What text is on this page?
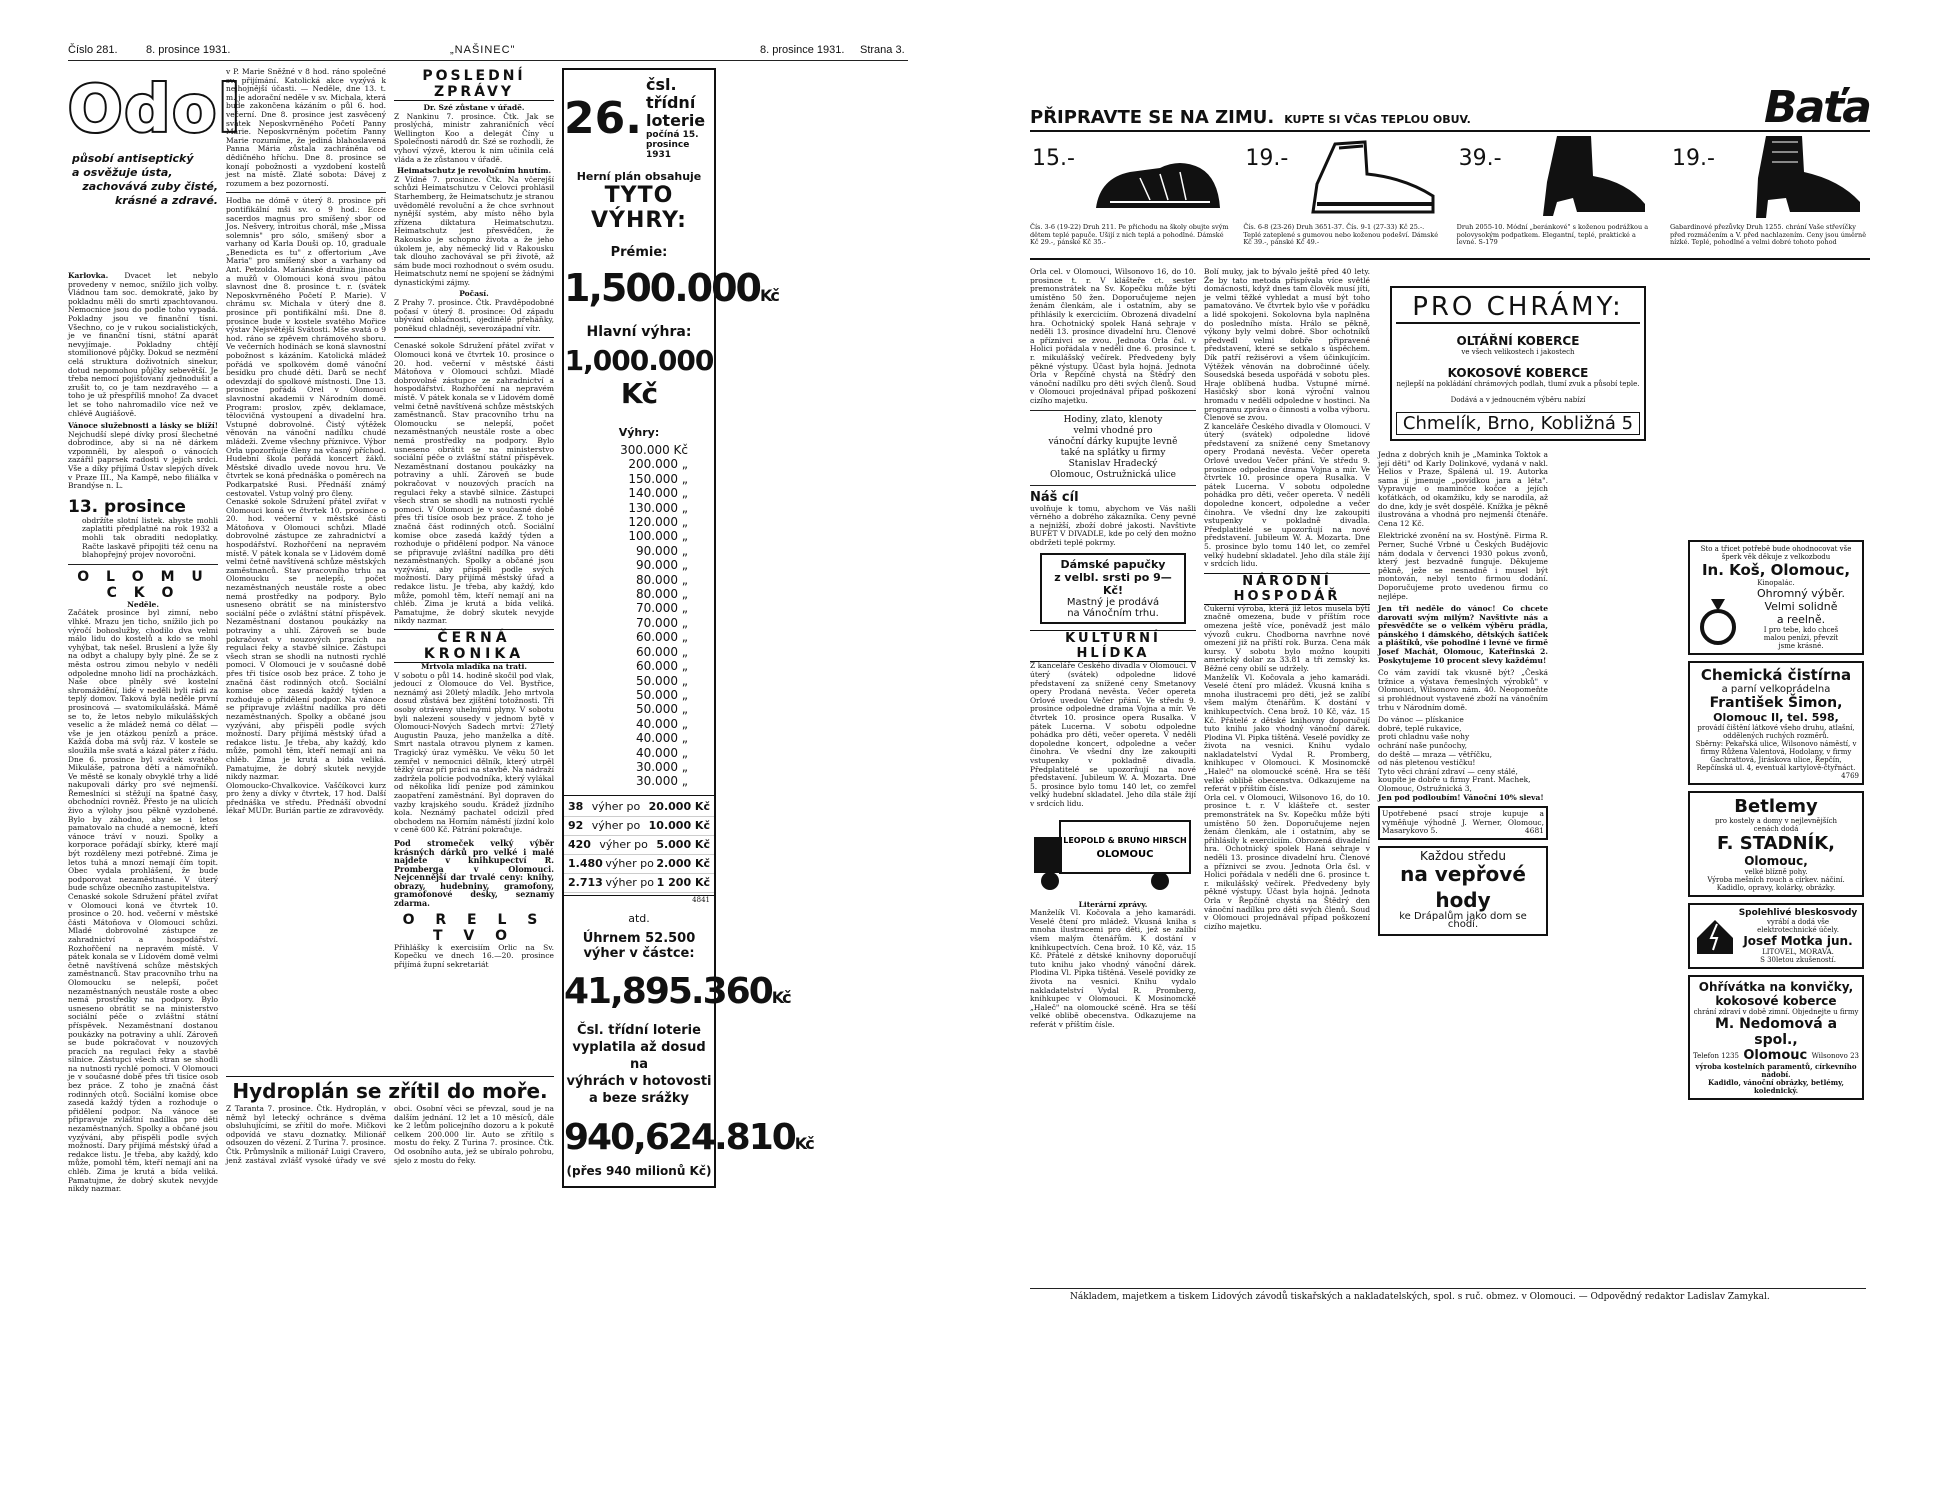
Číslo 281.	8. prosince 1931.	„NAŠINEC"	8. prosince 1931. Strana 3.
Odol
působí antiseptický
a osvěžuje ústa,
zachovává zuby čisté,
krásné a zdravé.
Karlovka. Dvacet let nebylo provedeny v nemoc, snížilo jich volby. Vládnou tam soc. demokraté, jako by pokladnu měli do smrti zpachtovanou. Nemocnice jsou do podle toho vypadá. Pokladny jsou ve finanční tísni. Všechno, co je v rukou socialistických, je ve finanční tísni, státní aparát nevyjímaje. Pokladny chtějí stomilionové půjčky. Dokud se nezmění celá struktura doživotních sinekur, dotud nepomohou půjčky sebevětší. Je třeba nemocí pojištovaní zjednodušit a zrušit to, co je tam nezdravého — a toho je už přespříliš mnoho! Za dvacet let se toho nahromadilo více než ve chlévě Augiášově.
Vánoce služebnosti a lásky se blíží! Nejchudší slepé dívky prosí šlechetné dobrodince, aby si na ně dárkem vzpomněli, by alespoň o vánocích zazářil paprsek radosti v jejich srdci. Vše a díky přijímá Ústav slepých dívek v Praze III., Na Kampě, nebo filiálka v Brandýse n. L.
13. prosince
obdržíte slotní listek. abyste mohli zaplatiti předplatné na rok 1932 a mohli tak obraditi nedoplatky. Račte laskavě připojiti též cenu na blahopřejný projev novoročni.
O L O M U C K O
Neděle.
Začátek prosince byl zimní, nebo vlhké. Mrazu jen ticho, snížilo jich po výročí bohoslužby, chodilo dva velmi málo lidu do kostelů a kdo se mohl vyhýbat, tak nešel. Bruslení a lyže šly na odbyt a chalupy byly plné. Že se z města ostrou zimou nebylo v neděli odpoledne mnoho lidí na procházkách. Naše obce plněly své kostelní shromáždění, lidé v neděli byli rádi za teplý domov. Taková byla neděle první prosincová — svatomikulášská. Mámě se to, že letos nebylo mikulášských veselic a že mládež nemá co dělat — vše je jen otázkou penízů a práce. Každá doba má svůj ráz. V kostele se sloužila mše svatá a kázal páter z řádu. Dne 6. prosince byl svátek svatého Mikuláše, patrona dětí a námořníků. Ve městě se konaly obvyklé trhy a lidé nakupovali dárky pro své nejmenší. Řemeslníci si stěžují na špatné časy, obchodníci rovněž. Přesto je na ulicích živo a výlohy jsou pěkně vyzdobené. Bylo by záhodno, aby se i letos pamatovalo na chudé a nemocné, kteří vánoce tráví v nouzi. Spolky a korporace pořádají sbírky, které mají být rozděleny mezi potřebné. Zima je letos tuhá a mnozí nemají čím topit. Obec vydala prohlášení, že bude podporovat nezaměstnané. V úterý bude schůze obecního zastupitelstva.
Cenaské sokole Sdružení přátel zvířat v Olomouci koná ve čtvrtek 10. prosince o 20. hod. večerní v městské části Mátoňova v Olomouci schůzi. Mladé dobrovolné zástupce ze zahradnictví a hospodářství. Rozhořčení na nepravém místě. V pátek konala se v Lidovém domě velmi četně navštívená schůze městských zaměstnanců. Stav pracovního trhu na Olomoucku se nelepší, počet nezaměstnaných neustále roste a obec nemá prostředky na podpory. Bylo usneseno obrátit se na ministerstvo sociální péče o zvláštní státní příspěvek. Nezaměstnaní dostanou poukázky na potraviny a uhlí. Zároveň se bude pokračovat v nouzových pracích na regulaci řeky a stavbě silnice. Zástupci všech stran se shodli na nutnosti rychlé pomoci. V Olomouci je v současné době přes tři tisíce osob bez práce. Z toho je značná část rodinných otců. Sociální komise obce zasedá každý týden a rozhoduje o přidělení podpor. Na vánoce se připravuje zvláštní nadílka pro děti nezaměstnaných. Spolky a občané jsou vyzýváni, aby přispěli podle svých možností. Dary přijímá městský úřad a redakce listu. Je třeba, aby každý, kdo může, pomohl těm, kteří nemají ani na chléb. Zima je krutá a bída veliká. Pamatujme, že dobrý skutek nevyjde nikdy nazmar.
v P. Marie Sněžné v 8 hod. ráno společné sv. přijímání. Katolická akce vyzývá k nejhojnější účasti. — Neděle, dne 13. t. m. je adorační neděle v sv. Michala, která bude zakončena kázáním o půl 6. hod. večerní. Dne 8. prosince jest zasvěcený svátek Neposkvrněného Početí Panny Marie. Neposkvrněným početím Panny Marie rozumíme, že jediná blahoslavená Panna Mária zůstala zachráněna od dědičného hříchu. Dne 8. prosince se konají pobožnosti a vyzdobení kostelů jest na místě. Zlaté sobota: Dávej z rozumem a bez pozorností.
Hodba ne dómě v úterý 8. prosince při pontifikální mši sv. o 9 hod.: Ecce sacerdos magnus pro smíšený sbor od Jos. Nešvery, introitus chorál, mše „Missa solemnis" pro sólo, smíšený sbor a varhany od Karla Douši op. 10, graduale „Benedicta es tu" z offertorium „Ave Maria" pro smíšený sbor a varhany od Ant. Petzolda. Mariánské družina jinocha a mužů v Olomouci koná svou pátou slavnost dne 8. prosince t. r. (svátek Neposkvrněného Početí P. Marie). V chrámu sv. Michala v úterý dne 8. prosince při pontifikální mši. Dne 8. prosince bude v kostele svatého Mořice výstav Nejsvětější Svátosti. Mše svatá o 9 hod. ráno se zpěvem chrámového sboru. Ve večerních hodinách se koná slavnostní pobožnost s kázáním. Katolická mládež pořádá ve spolkovém domě vánoční besídku pro chudé děti. Darů se nechť odevzdají do spolkové místnosti. Dne 13. prosince pořádá Orel v Olomouci slavnostní akademii v Národním domě. Program: proslov, zpěv, deklamace, tělocvičná vystoupení a divadelní hra. Vstupné dobrovolné. Čistý výtěžek věnován na vánoční nadílku chudé mládeži. Zveme všechny příznivce. Výbor Orla upozorňuje členy na včasný příchod. Hudební škola pořádá koncert žáků. Městské divadlo uvede novou hru. Ve čtvrtek se koná přednáška o poměrech na Podkarpatské Rusi. Přednáší známý cestovatel. Vstup volný pro členy.
Cenaské sokole Sdružení přátel zvířat v Olomouci koná ve čtvrtek 10. prosince o 20. hod. večerní v městské části Mátoňova v Olomouci schůzi. Mladé dobrovolné zástupce ze zahradnictví a hospodářství. Rozhořčení na nepravém místě. V pátek konala se v Lidovém domě velmi četně navštívená schůze městských zaměstnanců. Stav pracovního trhu na Olomoucku se nelepší, počet nezaměstnaných neustále roste a obec nemá prostředky na podpory. Bylo usneseno obrátit se na ministerstvo sociální péče o zvláštní státní příspěvek. Nezaměstnaní dostanou poukázky na potraviny a uhlí. Zároveň se bude pokračovat v nouzových pracích na regulaci řeky a stavbě silnice. Zástupci všech stran se shodli na nutnosti rychlé pomoci. V Olomouci je v současné době přes tři tisíce osob bez práce. Z toho je značná část rodinných otců. Sociální komise obce zasedá každý týden a rozhoduje o přidělení podpor. Na vánoce se připravuje zvláštní nadílka pro děti nezaměstnaných. Spolky a občané jsou vyzýváni, aby přispěli podle svých možností. Dary přijímá městský úřad a redakce listu. Je třeba, aby každý, kdo může, pomohl těm, kteří nemají ani na chléb. Zima je krutá a bída veliká. Pamatujme, že dobrý skutek nevyjde nikdy nazmar.
Olomoucko-Chvalkovice. Vaščíkovci kurz pro ženy a dívky v čtvrtek, 17 hod. Další přednáška ve středu. Přednáší obvodní lékař MUDr. Burián partie ze zdravovědy.
POSLEDNÍ ZPRÁVY
Dr. Szé zůstane v úřadě.
Z Nankinu 7. prosince. Čtk. Jak se proslýchá, ministr zahraničních věcí Wellington Koo a delegát Číny u Společnosti národů dr. Szé se rozhodli, že vyhoví výzvě, kterou k nim učinila celá vláda a že zůstanou v úřadě.
Heimatschutz je revolučním hnutím.
Z Vídně 7. prosince. Čtk. Na včerejší schůzi Heimatschutzu v Celovci prohlásil Starhemberg, že Heimatschutz je stranou uvědomělé revoluční a že chce svrhnout nynější systém, aby místo něho byla zřízena diktatura Heimatschutzu. Heimatschutz jest přesvědčen, že Rakousko je schopno života a že jeho úkolem je, aby německý lid v Rakousku tak dlouho zachovával se při životě, až sám bude moci rozhodnout o svém osudu. Heimatschutz nemí ne spojení se žádnými dynastickými zájmy.
Počasí.
Z Prahy 7. prosince. Čtk. Pravděpodobné počasí v úterý 8. prosince: Od západu ubývání oblačnosti, ojedinělé přeháňky, poněkud chladněji, severozápadní vítr.
Cenaské sokole Sdružení přátel zvířat v Olomouci koná ve čtvrtek 10. prosince o 20. hod. večerní v městské části Mátoňova v Olomouci schůzi. Mladé dobrovolné zástupce ze zahradnictví a hospodářství. Rozhořčení na nepravém místě. V pátek konala se v Lidovém domě velmi četně navštívená schůze městských zaměstnanců. Stav pracovního trhu na Olomoucku se nelepší, počet nezaměstnaných neustále roste a obec nemá prostředky na podpory. Bylo usneseno obrátit se na ministerstvo sociální péče o zvláštní státní příspěvek. Nezaměstnaní dostanou poukázky na potraviny a uhlí. Zároveň se bude pokračovat v nouzových pracích na regulaci řeky a stavbě silnice. Zástupci všech stran se shodli na nutnosti rychlé pomoci. V Olomouci je v současné době přes tři tisíce osob bez práce. Z toho je značná část rodinných otců. Sociální komise obce zasedá každý týden a rozhoduje o přidělení podpor. Na vánoce se připravuje zvláštní nadílka pro děti nezaměstnaných. Spolky a občané jsou vyzýváni, aby přispěli podle svých možností. Dary přijímá městský úřad a redakce listu. Je třeba, aby každý, kdo může, pomohl těm, kteří nemají ani na chléb. Zima je krutá a bída veliká. Pamatujme, že dobrý skutek nevyjde nikdy nazmar.
ČERNÁ KRONIKA
Mrtvola mladíka na trati.
V sobotu o půl 14. hodině skočil pod vlak, jedoucí z Olomouce do Vel. Bystřice, neznámý asi 20letý mladík. Jeho mrtvola dosud zůstává bez zjištění totožnosti. Tři osoby otráveny uhelnými plyny. V sobotu byli nalezeni sousedy v jednom bytě v Olomouci-Nových Sadech mrtví: 27letý Augustin Pauza, jeho manželka a dítě. Smrt nastala otravou plynem z kamen. Tragický úraz vyměšku. Ve věku 50 let zemřel v nemocnici dělník, který utrpěl těžký úraz při práci na stavbě. Na nádraží zadržela policie podvodníka, který vylákal od několika lidí peníze pod záminkou zaopatření zaměstnání. Byl dopraven do vazby krajského soudu. Krádež jízdního kola. Neznámý pachatel odcizil před obchodem na Horním náměstí jízdní kolo v ceně 600 Kč. Pátrání pokračuje.
Pod stromeček velký výběr krásných dárků pro velké i malé najdete v knihkupectví R. Promberga v Olomouci. Nejcennější dar trvalé ceny: knihy, obrazy, hudebniny, gramofony, gramofonové desky, seznamy zdarma.
O R E L S T V O
Přihlášky k exercisiím Orlic na Sv. Kopečku ve dnech 16.—20. prosince přijímá župní sekretariát
Hydroplán se zřítil do moře.
Z Taranta 7. prosince. Čtk. Hydroplán, v němž byl letecký ochránce s dvěma obsluhujícími, se zřítil do moře. Mičkovi odpovídá ve stavu doznatky. Milionář odsouzen do vězení. Z Turina 7. prosince. Čtk. Průmyslník a milionář Luigi Cravero, jenž zastával zvlášť vysoké úřady ve své obci. Osobní věci se převzal, soud je na dalším jednání. 12 let a 10 měsíců, dále ke 2 letům policejního dozoru a k pokutě celkem 200.000 lir. Auto se zřítilo s mostu do řeky. Z Turina 7. prosince. Čtk. Od osobního auta, jež se ubíralo pohrobu, sjelo z mostu do řeky.
26.
čsl. třídní loterie
počíná 15. prosince 1931
Herní plán obsahuje
TYTO VÝHRY:
Prémie:
1,500.000Kč
Hlavní výhra:
1,000.000 Kč
Výhry:
300.000 Kč
200.000 „
150.000 „
140.000 „
130.000 „
120.000 „
100.000 „
90.000 „
90.000 „
80.000 „
80.000 „
70.000 „
70.000 „
60.000 „
60.000 „
60.000 „
50.000 „
50.000 „
50.000 „
40.000 „
40.000 „
40.000 „
30.000 „
30.000 „
38 výher po 20.000 Kč
92 výher po 10.000 Kč
420 výher po 5.000 Kč
1.480 výher po 2.000 Kč
2.713 výher po 1 200 Kč
4841
atd.
Úhrnem 52.500 výher v částce:
41,895.360Kč
Čsl. třídní loterie
vyplatila až dosud na
výhrách v hotovosti
a beze srážky
940,624.810Kč
(přes 940 milionů Kč)
PŘIPRAVTE SE NA ZIMU. KUPTE SI VČAS TEPLOU OBUV.	Baťa
15.-
Čís. 3-6 (19-22) Druh 211. Pe přichodu na školy obujte svým dětem teplé papuče. Ušijí z nich teplá a pohodlné. Dámské Kč 29.-, pánské Kč 35.-
19.-
Čís. 6-8 (23-26) Druh 3651-37. Čís. 9-1 (27-33) Kč 25.-. Teplé zateplené s gumovou nebo koženou podešví. Dámské Kč 39.-, pánské Kč 49.-
39.-
Druh 2055-10. Módní „beránkové" s koženou podrážkou a polovysokým podpatkem. Elegantní, teplé, praktické a levné. S-179
19.-
Gabardinové přezůvky Druh 1255. chrání Vaše střevíčky před rozmáčením a V. před nachlazením. Ceny jsou úměrně nízké. Teplé, pohodlné a velmi dobré tohoto pohod
Orla cel. v Olomouci, Wilsonovo 16, do 10. prosince t. r. V klášteře ct. sester premonstrátek na Sv. Kopečku může býti umístěno 50 žen. Doporučujeme nejen ženám členkám, ale i ostatním, aby se přihlásily k exerciciím. Obrozená divadelní hra. Ochotnický spolek Haná sehraje v neděli 13. prosince divadelní hru. Členové a příznivci se zvou. Jednota Orla čsl. v Holici pořádala v neděli dne 6. prosince t. r. mikulášský večírek. Předvedeny byly pěkné výstupy. Účast byla hojná. Jednota Orla v Řepčíně chystá na Štědrý den vánoční nadílku pro děti svých členů. Soud v Olomouci projednával případ poškození cizího majetku.
Hodiny, zlato, klenoty
velmi vhodné pro
vánoční dárky kupujte levně
také na splátky u firmy
Stanislav Hradecký
Olomouc, Ostružnická ulice
Náš cíl
uvolňuje k tomu, abychom ve Vás našli věrného a dobrého zákazníka. Ceny pevné a nejnižší, zboží dobré jakosti. Navštivte BUFET V DIVADLE, kde po celý den možno obdržeti teplé pokrmy.
Dámské papučky
z velbl. srsti po 9— Kč!
Mastný je prodává
na Vánočním trhu.
KULTURNÍ HLÍDKA
Z kanceláře Českého divadla v Olomouci. V úterý (svátek) odpoledne lidové představení za snížené ceny Smetanovy opery Prodaná nevěsta. Večer opereta Orlové uvedou Večer přání. Ve středu 9. prosince odpoledne drama Vojna a mír. Ve čtvrtek 10. prosince opera Rusalka. V pátek Lucerna. V sobotu odpoledne pohádka pro děti, večer opereta. V neděli dopoledne koncert, odpoledne a večer činohra. Ve všední dny lze zakoupiti vstupenky v pokladně divadla. Předplatitelé se upozorňují na nové představení. Jubileum W. A. Mozarta. Dne 5. prosince bylo tomu 140 let, co zemřel velký hudební skladatel. Jeho díla stále žijí v srdcích lidu.
LEOPOLD & BRUNO HIRSCH
OLOMOUC
Literární zprávy.
Manželík Vl. Kočovala a jeho kamarádi. Veselé čtení pro mládež. Vkusná kniha s mnoha ilustracemi pro děti, jež se zalíbí všem malým čtenářům. K dostání v knihkupectvích. Cena brož. 10 Kč, váz. 15 Kč. Přátelé z dětské knihovny doporučují tuto knihu jako vhodný vánoční dárek. Plodina Vl. Pipka tištěná. Veselé povídky ze života na vesnici. Knihu vydalo nakladatelství Vydal R. Promberg, knihkupec v Olomouci. K Mosinomckě „Haleč" na olomoucké scéně. Hra se těší velké oblibě obecenstva. Odkazujeme na referát v příštím čísle.
Bolí muky, jak to bývalo ještě před 40 lety. Že by tato metoda přispívala více světlé domácnosti, když dnes tam člověk musí jíti, je velmi těžké vyhledat a musí být toho pamatováno. Ve čtvrtek bylo vše v pořádku a lidé spokojeni. Sokolovna byla naplněna do posledního místa. Hrálo se pěkně, výkony byly velmi dobré. Sbor ochotníků předvedl velmi dobře připravené představení, které se setkalo s úspěchem. Dík patří režisérovi a všem účinkujícím. Výtěžek věnován na dobročinné účely. Sousedská beseda uspořádá v sobotu ples. Hraje oblíbená hudba. Vstupné mírné. Hasičský sbor koná výroční valnou hromadu v neděli odpoledne v hostinci. Na programu zpráva o činnosti a volba výboru. Členové se zvou.
Z kanceláře Českého divadla v Olomouci. V úterý (svátek) odpoledne lidové představení za snížené ceny Smetanovy opery Prodaná nevěsta. Večer opereta Orlové uvedou Večer přání. Ve středu 9. prosince odpoledne drama Vojna a mír. Ve čtvrtek 10. prosince opera Rusalka. V pátek Lucerna. V sobotu odpoledne pohádka pro děti, večer opereta. V neděli dopoledne koncert, odpoledne a večer činohra. Ve všední dny lze zakoupiti vstupenky v pokladně divadla. Předplatitelé se upozorňují na nové představení. Jubileum W. A. Mozarta. Dne 5. prosince bylo tomu 140 let, co zemřel velký hudební skladatel. Jeho díla stále žijí v srdcích lidu.
NÁRODNÍ HOSPODÁŘ
Cukerní výroba, která již letos musela býti značně omezena, bude v příštím roce omezena ještě více, poněvadž jest málo vývozů cukru. Chodborna navrhne nové omezení již na příští rok. Burza. Cena mák kursy. V sobotu bylo možno koupiti americký dolar za 33.81 a tři zemský ks. Běžné ceny obilí se udržely.
Manželík Vl. Kočovala a jeho kamarádi. Veselé čtení pro mládež. Vkusná kniha s mnoha ilustracemi pro děti, jež se zalíbí všem malým čtenářům. K dostání v knihkupectvích. Cena brož. 10 Kč, váz. 15 Kč. Přátelé z dětské knihovny doporučují tuto knihu jako vhodný vánoční dárek. Plodina Vl. Pipka tištěná. Veselé povídky ze života na vesnici. Knihu vydalo nakladatelství Vydal R. Promberg, knihkupec v Olomouci. K Mosinomckě „Haleč" na olomoucké scéně. Hra se těší velké oblibě obecenstva. Odkazujeme na referát v příštím čísle.
Orla cel. v Olomouci, Wilsonovo 16, do 10. prosince t. r. V klášteře ct. sester premonstrátek na Sv. Kopečku může býti umístěno 50 žen. Doporučujeme nejen ženám členkám, ale i ostatním, aby se přihlásily k exerciciím. Obrozená divadelní hra. Ochotnický spolek Haná sehraje v neděli 13. prosince divadelní hru. Členové a příznivci se zvou. Jednota Orla čsl. v Holici pořádala v neděli dne 6. prosince t. r. mikulášský večírek. Předvedeny byly pěkné výstupy. Účast byla hojná. Jednota Orla v Řepčíně chystá na Štědrý den vánoční nadílku pro děti svých členů. Soud v Olomouci projednával případ poškození cizího majetku.
PRO CHRÁMY:
OLTÁŘNÍ KOBERCE
ve všech velikostech i jakostech
KOKOSOVÉ KOBERCE
nejlepší na pokládání chrámových podlah, tlumí zvuk a působí teple.
Dodává a v jednoucném výběru nabízí
Chmelík, Brno, Kobližná 5
Jedna z dobrých knih je „Maminka Toktok a její děti" od Karly Dolinkové, vydaná v nakl. Helios v Praze, Spálená ul. 19. Autorka sama jí jmenuje „povídkou jara a léta". Vypravuje o maminčce kočce a jejích koťátkách, od okamžiku, kdy se narodila, až do dne, kdy je svět dospělé. Knížka je pěkně ilustrována a vhodná pro nejmenší čtenáře. Cena 12 Kč.
Elektrické zvonění na sv. Hostýně. Firma R. Perner, Suché Vrbné u Českých Budějovic nám dodala v červenci 1930 pokus zvonů, který jest bezvadně funguje. Děkujeme pěkně, ježe se nesnadně i musel být montován, nebyl tento firmou dodání. Doporučujeme proto uvedenou firmu co nejlépe.
Jen tři neděle do vánoc! Co chcete darovati svým milým? Navštivte nás a přesvědčte se o velkém výběru prádla, pánského i dámského, dětských šatiček a pláštíků, vše pohodlné i levné ve firmě Josef Machát, Olomouc, Kateřinská 2. Poskytujeme 10 procent slevy každému!
Co vám zavídí tak vkusně být? „Česká tržnice a výstava řemeslných výrobků" v Olomouci, Wilsonovo nám. 40. Neopomeňte si prohlédnout vystavené zboží na vánočním trhu v Národním domě.
Do vánoc — plískanice
dobré, teplé rukavice,
proti chladnu vaše nohy
ochrání naše punčochy,
do deště — mraza — větříčku,
od nás pletenou vestičku!
Tyto věci chrání zdraví — ceny stálé,
koupíte je dobře u firmy Frant. Machek,
Olomouc, Ostružnická 3,
Jen pod podloubím! Vánoční 10% sleva!
Upotřebené psací stroje kupuje a vyměňuje výhodně J. Werner, Olomouc, Masarykovo 5.	4681
Každou středu
na vepřové hody
ke Drápalům jako dom se chodí.
Sto a třicet potřebě bude ohodnocovat vše šperk věk děkuje z velkozbodu
In. Koš, Olomouc,
Kinopalác.
Ohromný výběr.
Velmi solidně
a reelně.
I pro tebe, kdo chceš
malou penízi, převzít
jsme krásné.
Chemická čistírna
a parní velkoprádelna
František Šimon,
Olomouc II, tel. 598,
provádí čištění látkové všeho druhu, atlašní, oddělených ruchých rozměrů.
Sběrny: Pekařská ulice, Wilsonovo náměstí, v firmy Růžena Valentová, Hodolany, v firmy Gachrattová, Jiráskova ulice, Řepčín, Repčínská ul. 4, eventuál kartylově-čtyřnáct.
4769
Betlemy
pro kostely a domy v nejlevnějších
cenách dodá
F. STADNÍK,
Olomouc,
velké blízně pohy.
Výroba mešních rouch a církev. náčiní.
Kadidlo, opravy, kolárky, obrázky.
Spolehlivé bleskosvody
vyrábí a dodá vše elektrotechnické účely.
Josef Motka jun.
LITOVEL, MORAVA.
S 30letou zkušeností.
Ohřívátka na konvičky,
kokosové koberce
chrání zdraví v době zimní. Objednejte u firmy
M. Nedomová a spol.,
Telefon 1235 Olomouc Wilsonovo 23
výroba kostelních paramentů, církevního nádobí.
Kadidlo, vánoční obrázky, betlémy, kolednický.
Nákladem, majetkem a tiskem Lidových závodů tiskařských a nakladatelských, spol. s ruč. obmez. v Olomouci. — Odpovědný redaktor Ladislav Zamykal.
